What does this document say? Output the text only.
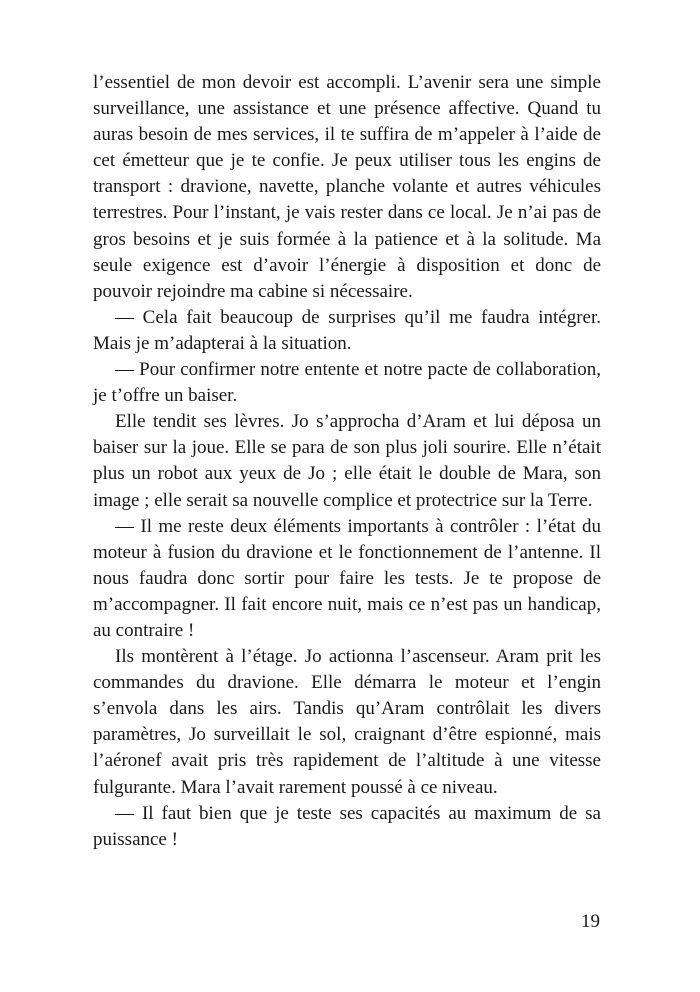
l’essentiel de mon devoir est accompli. L’avenir sera une simple surveillance, une assistance et une présence affective. Quand tu auras besoin de mes services, il te suffira de m’appeler à l’aide de cet émetteur que je te confie. Je peux utiliser tous les engins de transport : dravione, navette, planche volante et autres véhicules terrestres. Pour l’instant, je vais rester dans ce local. Je n’ai pas de gros besoins et je suis formée à la patience et à la solitude. Ma seule exigence est d’avoir l’énergie à disposition et donc de pouvoir rejoindre ma cabine si nécessaire.

— Cela fait beaucoup de surprises qu’il me faudra intégrer. Mais je m’adapterai à la situation.

— Pour confirmer notre entente et notre pacte de collaboration, je t’offre un baiser.

Elle tendit ses lèvres. Jo s’approcha d’Aram et lui déposa un baiser sur la joue. Elle se para de son plus joli sourire. Elle n’était plus un robot aux yeux de Jo ; elle était le double de Mara, son image ; elle serait sa nouvelle complice et protectrice sur la Terre.

— Il me reste deux éléments importants à contrôler : l’état du moteur à fusion du dravione et le fonctionnement de l’antenne. Il nous faudra donc sortir pour faire les tests. Je te propose de m’accompagner. Il fait encore nuit, mais ce n’est pas un handicap, au contraire !

Ils montèrent à l’étage. Jo actionna l’ascenseur. Aram prit les commandes du dravione. Elle démarra le moteur et l’engin s’envola dans les airs. Tandis qu’Aram contrôlait les divers paramètres, Jo surveillait le sol, craignant d’être espionné, mais l’aéronef avait pris très rapidement de l’altitude à une vitesse fulgurante. Mara l’avait rarement poussé à ce niveau.

— Il faut bien que je teste ses capacités au maximum de sa puissance !

19
